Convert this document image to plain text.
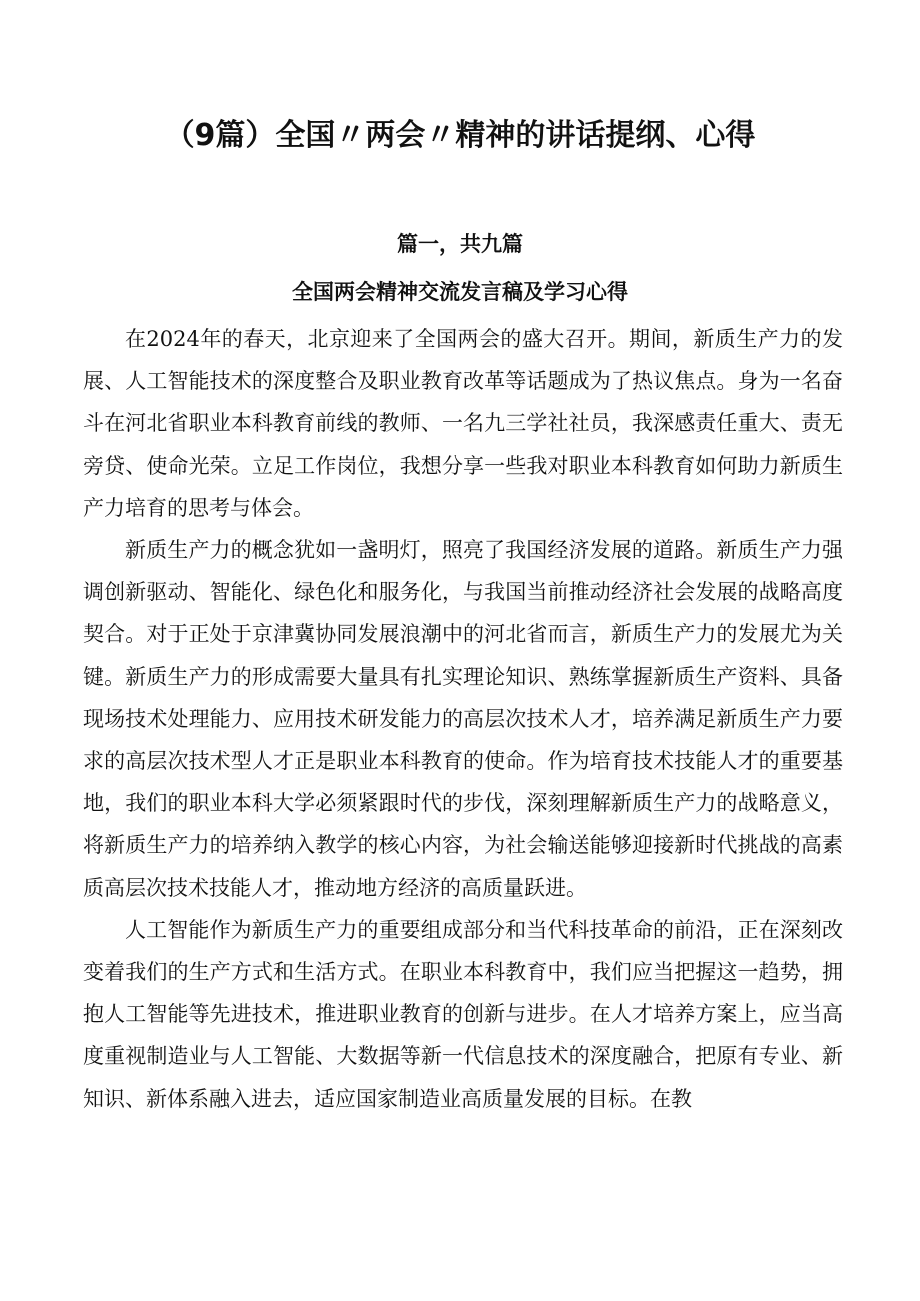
（9篇）全国〃两会〃精神的讲话提纲、心得
篇一，共九篇
全国两会精神交流发言稿及学习心得

在2024年的春天，北京迎来了全国两会的盛大召开。期间，新质生产力的发展、人工智能技术的深度整合及职业教育改革等话题成为了热议焦点。身为一名奋斗在河北省职业本科教育前线的教师、一名九三学社社员，我深感责任重大、责无旁贷、使命光荣。立足工作岗位，我想分享一些我对职业本科教育如何助力新质生产力培育的思考与体会。

新质生产力的概念犹如一盏明灯，照亮了我国经济发展的道路。新质生产力强调创新驱动、智能化、绿色化和服务化，与我国当前推动经济社会发展的战略高度契合。对于正处于京津冀协同发展浪潮中的河北省而言，新质生产力的发展尤为关键。新质生产力的形成需要大量具有扎实理论知识、熟练掌握新质生产资料、具备现场技术处理能力、应用技术研发能力的高层次技术人才，培养满足新质生产力要求的高层次技术型人才正是职业本科教育的使命。作为培育技术技能人才的重要基地，我们的职业本科大学必须紧跟时代的步伐，深刻理解新质生产力的战略意义，将新质生产力的培养纳入教学的核心内容，为社会输送能够迎接新时代挑战的高素质高层次技术技能人才，推动地方经济的高质量跃进。

人工智能作为新质生产力的重要组成部分和当代科技革命的前沿，正在深刻改变着我们的生产方式和生活方式。在职业本科教育中，我们应当把握这一趋势，拥抱人工智能等先进技术，推进职业教育的创新与进步。在人才培养方案上，应当高度重视制造业与人工智能、大数据等新一代信息技术的深度融合，把原有专业、新知识、新体系融入进去，适应国家制造业高质量发展的目标。在教
